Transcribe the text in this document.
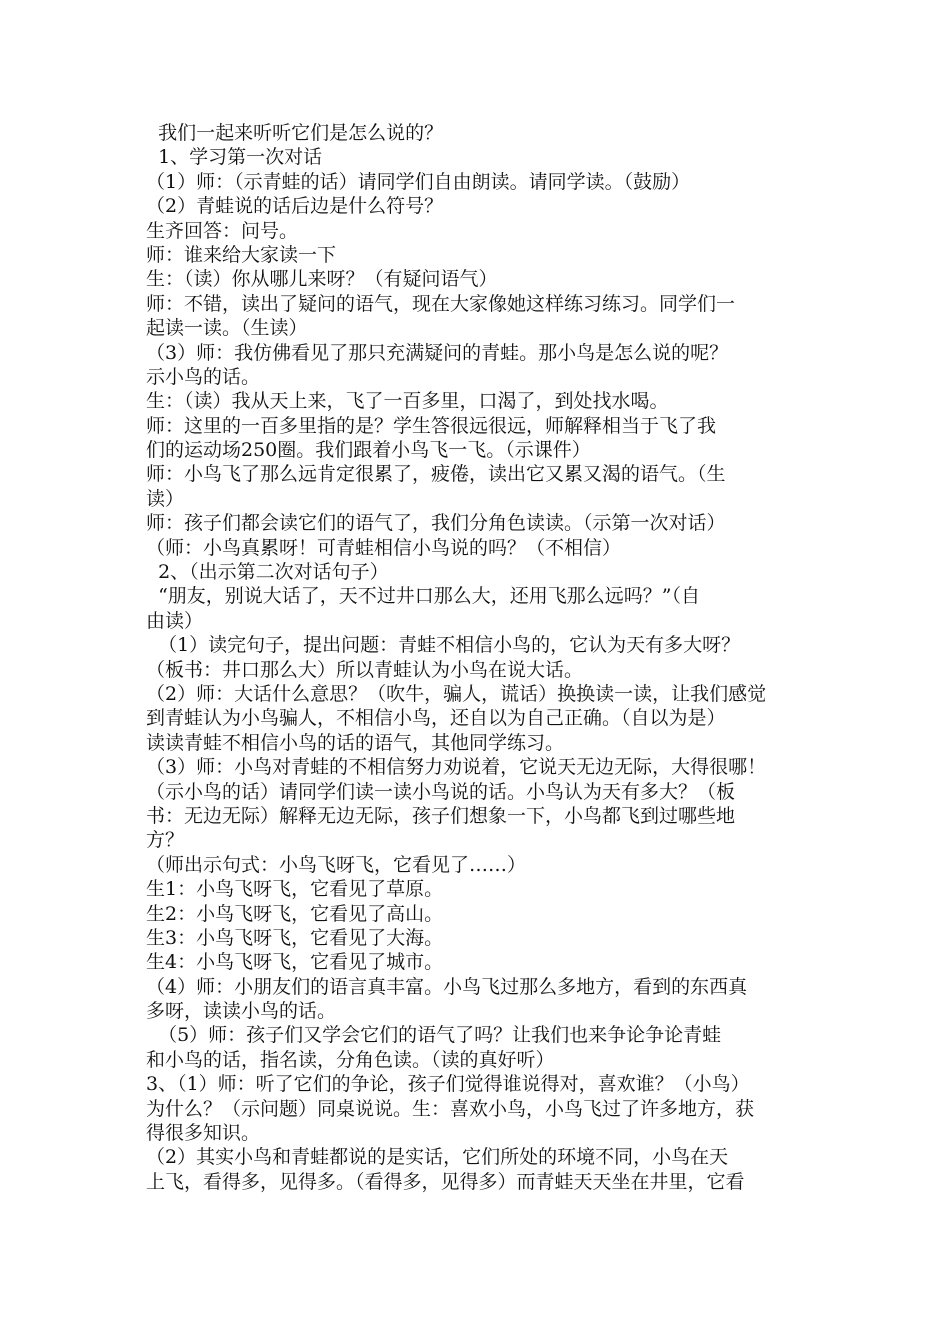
我们一起来听听它们是怎么说的？
1、学习第一次对话
（1）师：（示青蛙的话）请同学们自由朗读。请同学读。（鼓励）
（2）青蛙说的话后边是什么符号？
生齐回答：问号。
师：谁来给大家读一下
生：（读）你从哪儿来呀？（有疑问语气）
师：不错，读出了疑问的语气，现在大家像她这样练习练习。同学们一
起读一读。（生读）
（3）师：我仿佛看见了那只充满疑问的青蛙。那小鸟是怎么说的呢？
示小鸟的话。
生：（读）我从天上来，飞了一百多里，口渴了，到处找水喝。
师：这里的一百多里指的是？学生答很远很远，师解释相当于飞了我
们的运动场250圈。我们跟着小鸟飞一飞。（示课件）
师：小鸟飞了那么远肯定很累了，疲倦，读出它又累又渴的语气。（生
读）
师：孩子们都会读它们的语气了，我们分角色读读。（示第一次对话）
（师：小鸟真累呀！可青蛙相信小鸟说的吗？（不相信）
2、（出示第二次对话句子）
“朋友，别说大话了，天不过井口那么大，还用飞那么远吗？”（自
由读）
（1）读完句子，提出问题：青蛙不相信小鸟的，它认为天有多大呀？
（板书：井口那么大）所以青蛙认为小鸟在说大话。
（2）师：大话什么意思？（吹牛，骗人，谎话）换换读一读，让我们感觉
到青蛙认为小鸟骗人，不相信小鸟，还自以为自己正确。（自以为是）
读读青蛙不相信小鸟的话的语气，其他同学练习。
（3）师：小鸟对青蛙的不相信努力劝说着，它说天无边无际，大得很哪！
（示小鸟的话）请同学们读一读小鸟说的话。小鸟认为天有多大？（板
书：无边无际）解释无边无际，孩子们想象一下，小鸟都飞到过哪些地
方？
（师出示句式：小鸟飞呀飞，它看见了……）
生1：小鸟飞呀飞，它看见了草原。
生2：小鸟飞呀飞，它看见了高山。
生3：小鸟飞呀飞，它看见了大海。
生4：小鸟飞呀飞，它看见了城市。
（4）师：小朋友们的语言真丰富。小鸟飞过那么多地方，看到的东西真
多呀，读读小鸟的话。
（5）师：孩子们又学会它们的语气了吗？让我们也来争论争论青蛙
和小鸟的话，指名读，分角色读。（读的真好听）
3、（1）师：听了它们的争论，孩子们觉得谁说得对，喜欢谁？（小鸟）
为什么？（示问题）同桌说说。生：喜欢小鸟，小鸟飞过了许多地方，获
得很多知识。
（2）其实小鸟和青蛙都说的是实话，它们所处的环境不同，小鸟在天
上飞，看得多，见得多。（看得多，见得多）而青蛙天天坐在井里，它看
